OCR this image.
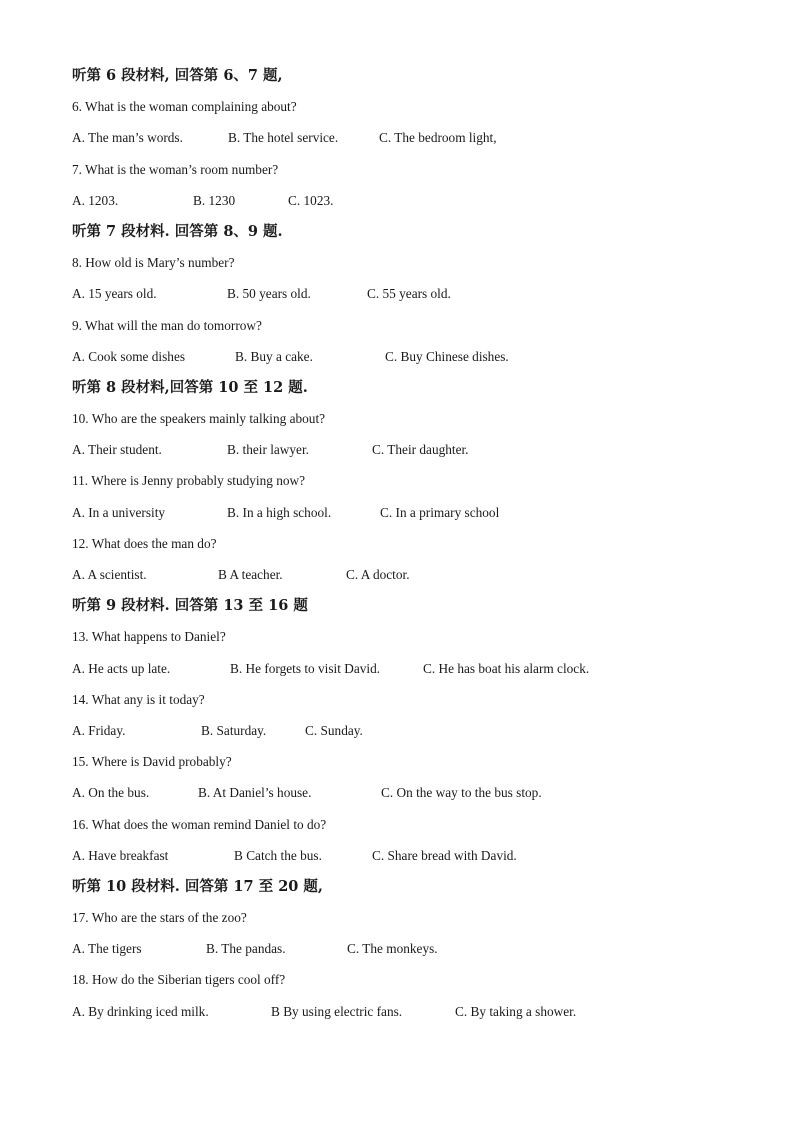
听第 6 段材料, 回答第 6、7 题,
6. What is the woman complaining about?
A. The man’s words.	B. The hotel service.	C. The bedroom light,
7. What is the woman’s room number?
A. 1203.	B. 1230	C. 1023.
听第 7 段材料. 回答第 8、9 题.
8. How old is Mary’s number?
A. 15 years old.	B. 50 years old.	C. 55 years old.
9. What will the man do tomorrow?
A. Cook some dishes	B. Buy a cake.	C. Buy Chinese dishes.
听第 8 段材料,回答第 10 至 12 题.
10. Who are the speakers mainly talking about?
A. Their student.	B. their lawyer.	C. Their daughter.
11. Where is Jenny probably studying now?
A. In a university	B. In a high school.	C. In a primary school
12. What does the man do?
A. A scientist.	B A teacher.	C. A doctor.
听第 9 段材料. 回答第 13 至 16 题
13. What happens to Daniel?
A. He acts up late.	B. He forgets to visit David.	C. He has boat his alarm clock.
14. What any is it today?
A. Friday.	B. Saturday.	C. Sunday.
15. Where is David probably?
A. On the bus.	B. At Daniel’s house.	C. On the way to the bus stop.
16. What does the woman remind Daniel to do?
A. Have breakfast	B Catch the bus.	C. Share bread with David.
听第 10 段材料. 回答第 17 至 20 题,
17. Who are the stars of the zoo?
A. The tigers	B. The pandas.	C. The monkeys.
18. How do the Siberian tigers cool off?
A. By drinking iced milk.	B By using electric fans.	C. By taking a shower.
